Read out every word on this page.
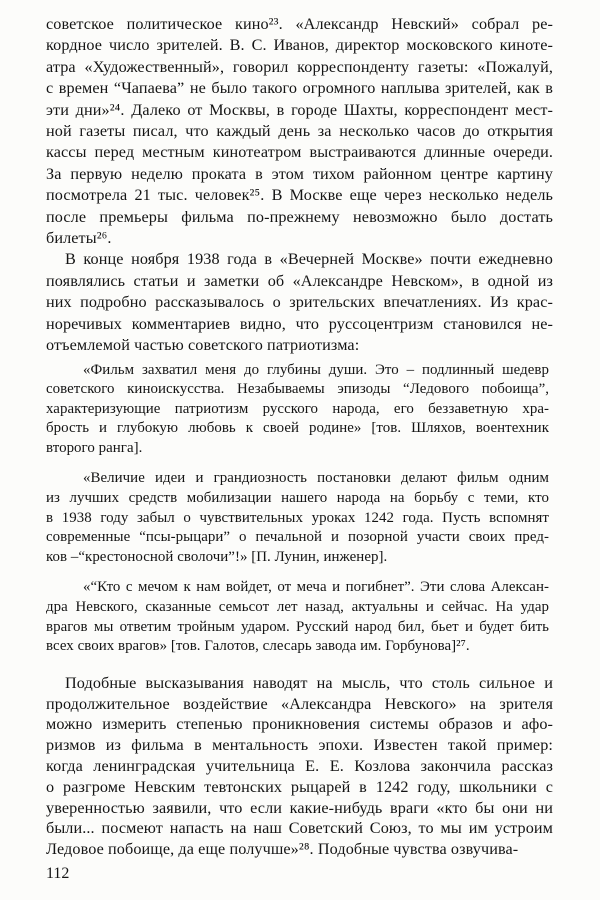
советское политическое кино²³. «Александр Невский» собрал ре-
кордное число зрителей. В. С. Иванов, директор московского киноте-
атра «Художественный», говорил корреспонденту газеты: «Пожалуй,
с времен “Чапаева” не было такого огромного наплыва зрителей, как в
эти дни»²⁴. Далеко от Москвы, в городе Шахты, корреспондент мест-
ной газеты писал, что каждый день за несколько часов до открытия
кассы перед местным кинотеатром выстраиваются длинные очереди.
За первую неделю проката в этом тихом районном центре картину
посмотрела 21 тыс. человек²⁵. В Москве еще через несколько недель
после премьеры фильма по-прежнему невозможно было достать
билеты²⁶.
В конце ноября 1938 года в «Вечерней Москве» почти ежедневно
появлялись статьи и заметки об «Александре Невском», в одной из
них подробно рассказывалось о зрительских впечатлениях. Из крас-
норечивых комментариев видно, что руссоцентризм становился не-
отъемлемой частью советского патриотизма:
«Фильм захватил меня до глубины души. Это – подлинный шедевр
советского киноискусства. Незабываемы эпизоды “Ледового побоища”,
характеризующие патриотизм русского народа, его беззаветную хра-
брость и глубокую любовь к своей родине» [тов. Шляхов, воентехник
второго ранга].
«Величие идеи и грандиозность постановки делают фильм одним
из лучших средств мобилизации нашего народа на борьбу с теми, кто
в 1938 году забыл о чувствительных уроках 1242 года. Пусть вспомнят
современные “псы-рыцари” о печальной и позорной участи своих пред-
ков –“крестоносной сволочи”!» [П. Лунин, инженер].
«“Кто с мечом к нам войдет, от меча и погибнет”. Эти слова Алексан-
дра Невского, сказанные семьсот лет назад, актуальны и сейчас. На удар
врагов мы ответим тройным ударом. Русский народ бил, бьет и будет бить
всех своих врагов» [тов. Галотов, слесарь завода им. Горбунова]²⁷.
Подобные высказывания наводят на мысль, что столь сильное и
продолжительное воздействие «Александра Невского» на зрителя
можно измерить степенью проникновения системы образов и афо-
ризмов из фильма в ментальность эпохи. Известен такой пример:
когда ленинградская учительница Е. Е. Козлова закончила рассказ
о разгроме Невским тевтонских рыцарей в 1242 году, школьники с
уверенностью заявили, что если какие-нибудь враги «кто бы они ни
были... посмеют напасть на наш Советский Союз, то мы им устроим
Ледовое побоище, да еще получше»²⁸. Подобные чувства озвучива-
112
